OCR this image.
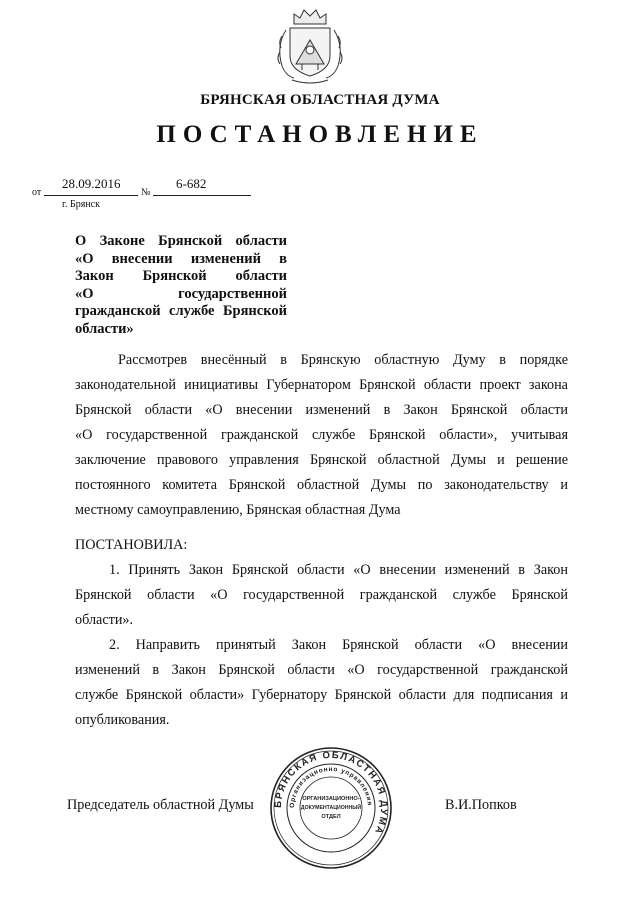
БРЯНСКАЯ ОБЛАСТНАЯ ДУМА
ПОСТАНОВЛЕНИЕ
от
28.09.2016
№
6-682
г. Брянск
О Законе Брянской области
«О внесении изменений в
Закон Брянской области
«О государственной
гражданской службе Брянской
области»
Рассмотрев внесённый в Брянскую областную Думу в порядке
законодательной инициативы Губернатором Брянской области проект закона
Брянской области «О внесении изменений в Закон Брянской области
«О государственной гражданской службе Брянской области», учитывая
заключение правового управления Брянской областной Думы и решение
постоянного комитета Брянской областной Думы по законодательству и
местному самоуправлению, Брянская областная Дума
ПОСТАНОВИЛА:
1. Принять Закон Брянской области «О внесении изменений в Закон
Брянской области «О государственной гражданской службе Брянской
области».
2. Направить принятый Закон Брянской области «О внесении
изменений в Закон Брянской области «О государственной гражданской
службе Брянской области» Губернатору Брянской области для подписания и
опубликования.
Председатель областной Думы	В.И.Попков
БРЯНСКАЯ ОБЛАСТНАЯ ДУМА
Организационно управления
ОРГАНИЗАЦИОННО-
ДОКУМЕНТАЦИОННЫЙ
ОТДЕЛ
